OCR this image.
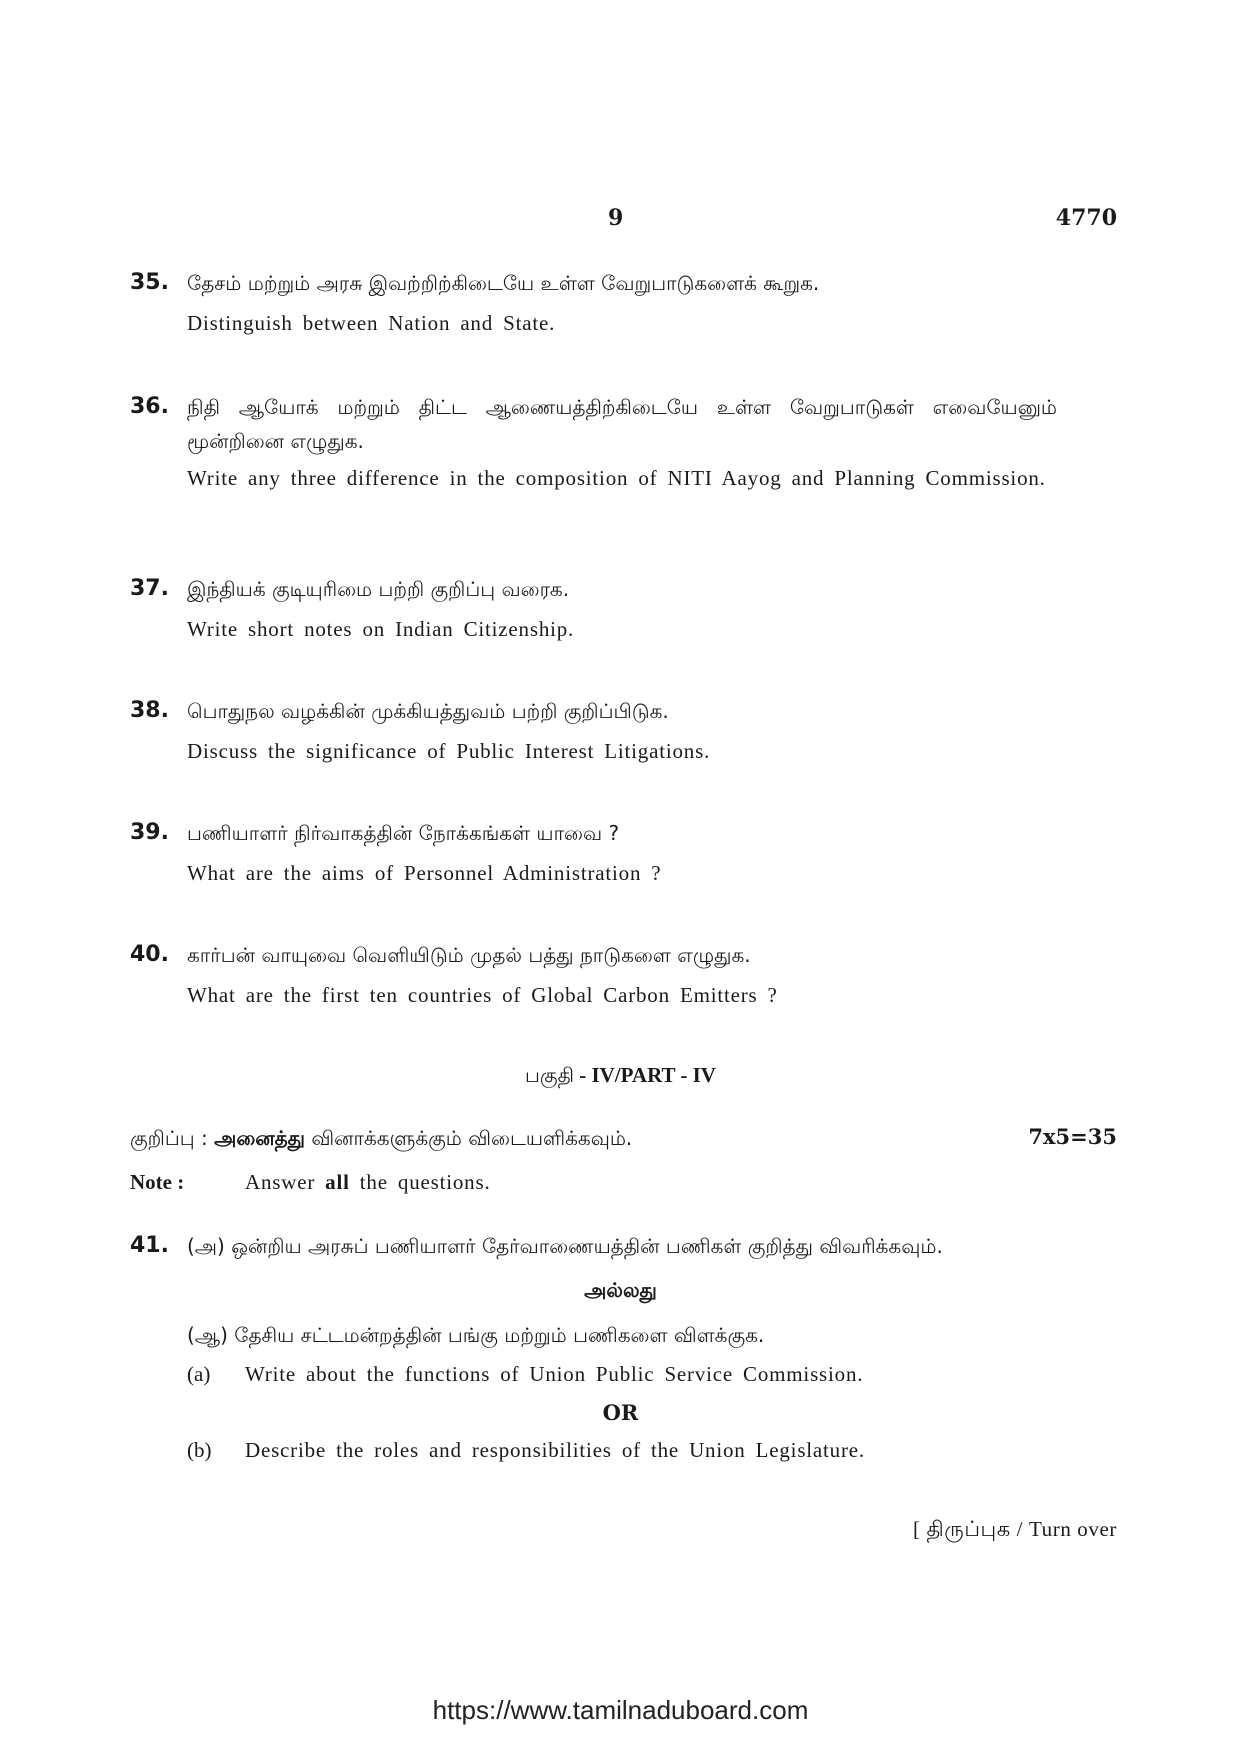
9	4770
35. தேசம் மற்றும் அரசு இவற்றிற்கிடையே உள்ள வேறுபாடுகளைக் கூறுக.
Distinguish between Nation and State.
36. நிதி ஆயோக் மற்றும் திட்ட ஆணையத்திற்கிடையே உள்ள வேறுபாடுகள் எவையேனும் மூன்றினை எழுதுக.
Write any three difference in the composition of NITI Aayog and Planning Commission.
37. இந்தியக் குடியுரிமை பற்றி குறிப்பு வரைக.
Write short notes on Indian Citizenship.
38. பொதுநல வழக்கின் முக்கியத்துவம் பற்றி குறிப்பிடுக.
Discuss the significance of Public Interest Litigations.
39. பணியாளர் நிர்வாகத்தின் நோக்கங்கள் யாவை ?
What are the aims of Personnel Administration ?
40. கார்பன் வாயுவை வெளியிடும் முதல் பத்து நாடுகளை எழுதுக.
What are the first ten countries of Global Carbon Emitters ?
பகுதி - IV/PART - IV
குறிப்பு : அனைத்து வினாக்களுக்கும் விடையளிக்கவும்.	7x5=35
Note :	Answer all the questions.
41. (அ) ஒன்றிய அரசுப் பணியாளர் தேர்வாணையத்தின் பணிகள் குறித்து விவரிக்கவும்.
அல்லது
(ஆ) தேசிய சட்டமன்றத்தின் பங்கு மற்றும் பணிகளை விளக்குக.
(a) Write about the functions of Union Public Service Commission.
OR
(b) Describe the roles and responsibilities of the Union Legislature.
[ திருப்புக / Turn over
https://www.tamilnaduboard.com
